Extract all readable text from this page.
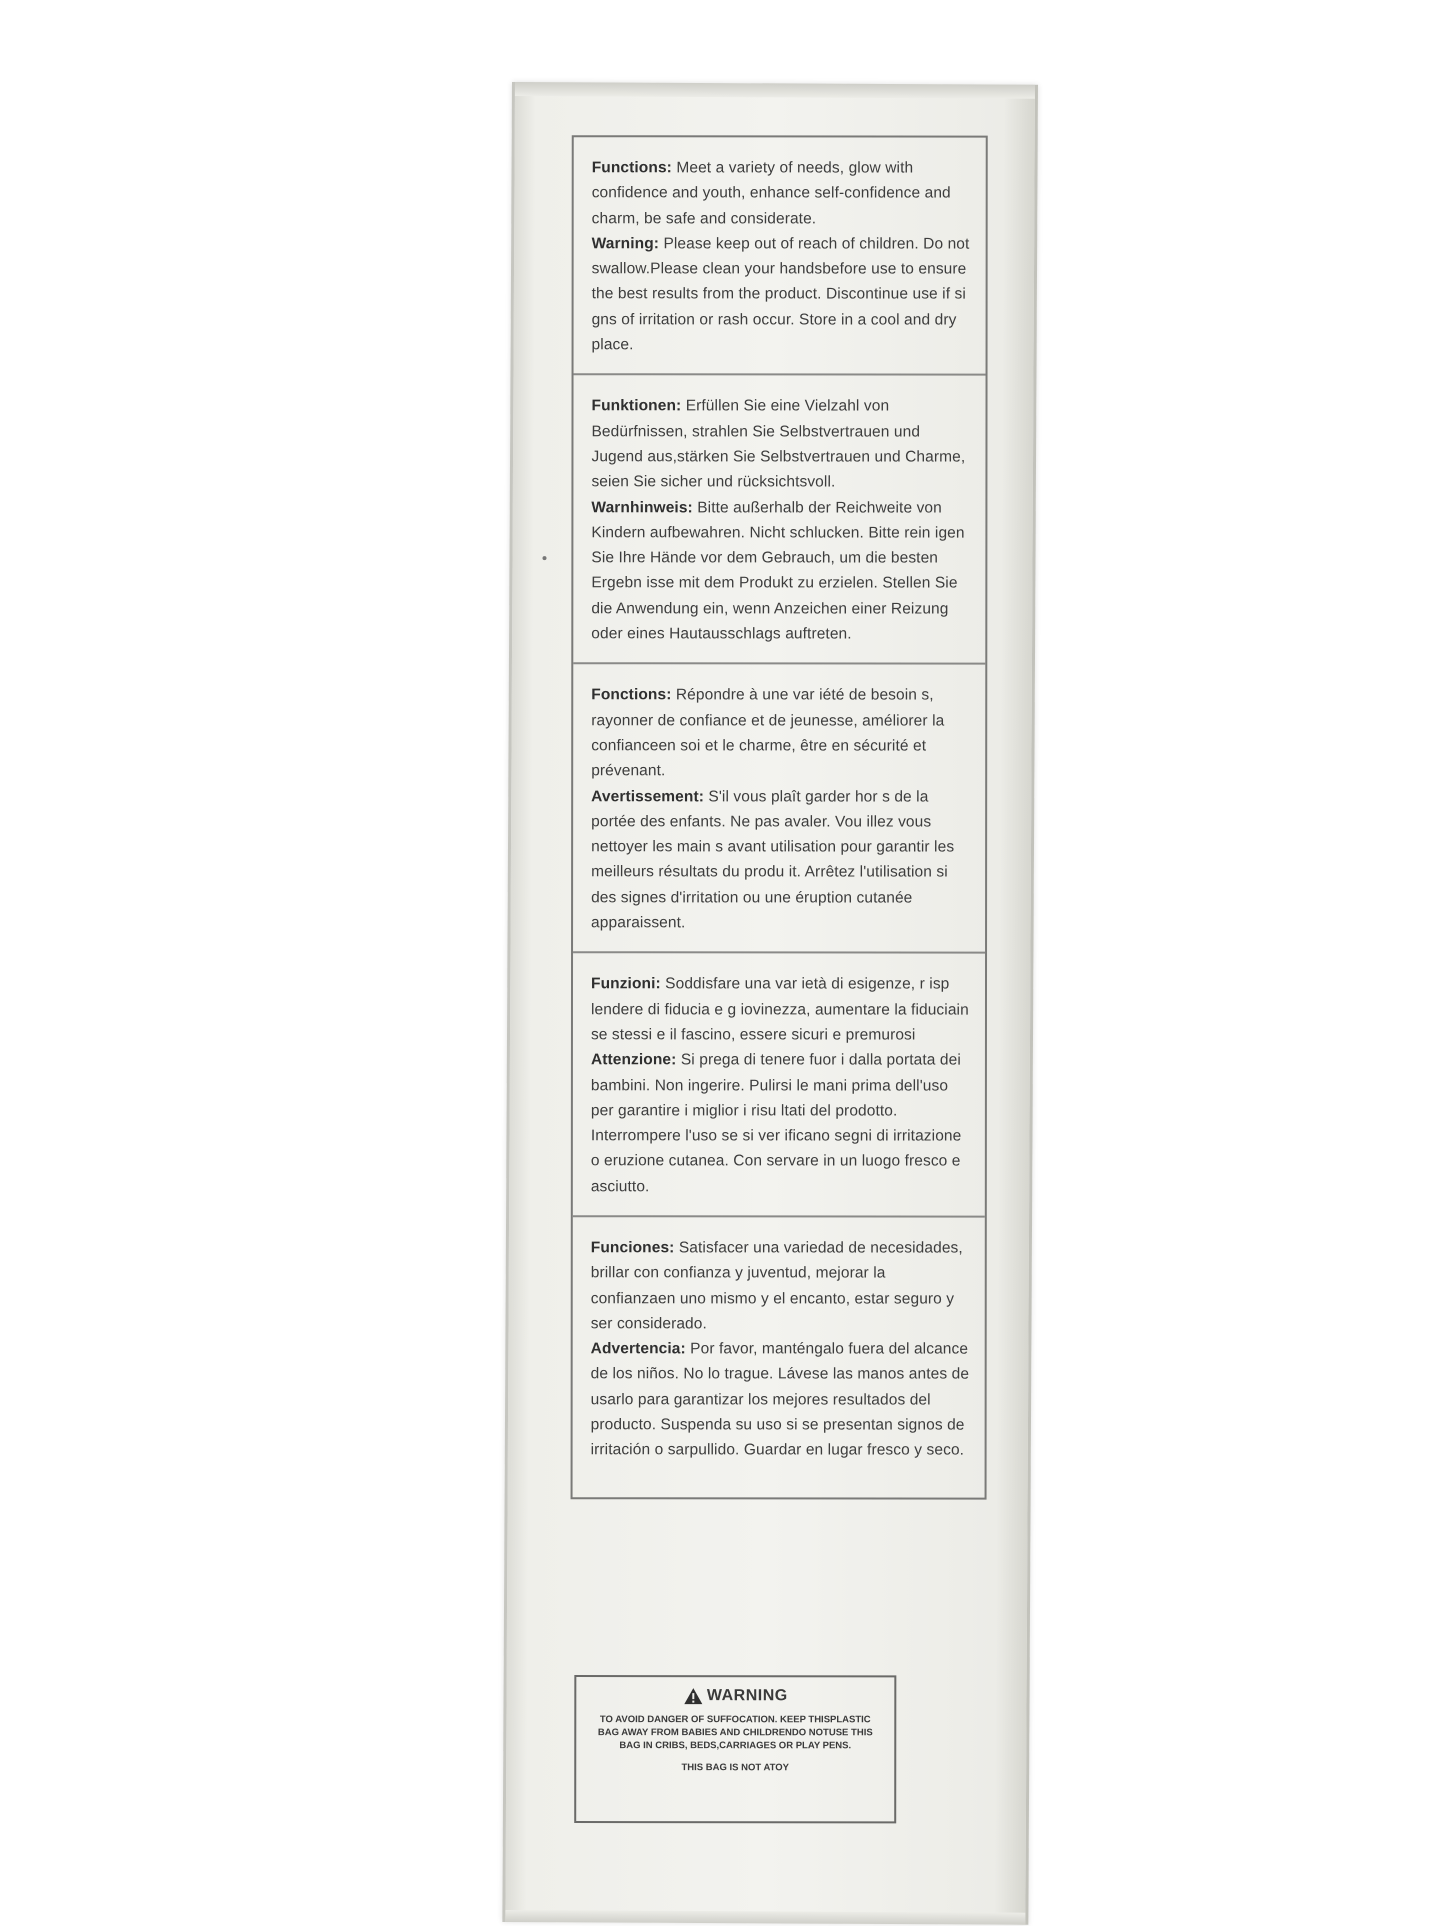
Functions: Meet a variety of needs, glow with confidence and youth, enhance self-confidence and charm, be safe and considerate.
Warning: Please keep out of reach of children. Do not swallow.Please clean your handsbefore use to ensure the best results from the product. Discontinue use if si gns of irritation or rash occur. Store in a cool and dry place.
Funktionen: Erfüllen Sie eine Vielzahl von Bedürfnissen, strahlen Sie Selbstvertrauen und Jugend aus,stärken Sie Selbstvertrauen und Charme, seien Sie sicher und rücksichtsvoll.
Warnhinweis: Bitte außerhalb der Reichweite von Kindern aufbewahren. Nicht schlucken. Bitte rein igen Sie Ihre Hände vor dem Gebrauch, um die besten Ergebn isse mit dem Produkt zu erzielen. Stellen Sie die Anwendung ein, wenn Anzeichen einer Reizung oder eines Hautausschlags auftreten.
Fonctions: Répondre à une var iété de besoin s, rayonner de confiance et de jeunesse, améliorer la confianceen soi et le charme, être en sécurité et prévenant.
Avertissement: S'il vous plaît garder hor s de la portée des enfants. Ne pas avaler. Vou illez vous nettoyer les main s avant utilisation pour garantir les meilleurs résultats du produ it. Arrêtez l'utilisation si des signes d'irritation ou une éruption cutanée apparaissent.
Funzioni: Soddisfare una var ietà di esigenze, r isp lendere di fiducia e g iovinezza, aumentare la fiduciain se stessi e il fascino, essere sicuri e premurosi
Attenzione: Si prega di tenere fuor i dalla portata dei bambini. Non ingerire. Pulirsi le mani prima dell'uso per garantire i miglior i risu ltati del prodotto. Interrompere l'uso se si ver ificano segni di irritazione o eruzione cutanea. Con servare in un luogo fresco e asciutto.
Funciones: Satisfacer una variedad de necesidades, brillar con confianza y juventud, mejorar la confianzaen uno mismo y el encanto, estar seguro y ser considerado.
Advertencia: Por favor, manténgalo fuera del alcance de los niños. No lo trague. Lávese las manos antes de usarlo para garantizar los mejores resultados del producto. Suspenda su uso si se presentan signos de irritación o sarpullido. Guardar en lugar fresco y seco.
WARNING
TO AVOID DANGER OF SUFFOCATION. KEEP THISPLASTIC BAG AWAY FROM BABIES AND CHILDRENDO NOTUSE THIS BAG IN CRIBS, BEDS,CARRIAGES OR PLAY PENS.
THIS BAG IS NOT ATOY
